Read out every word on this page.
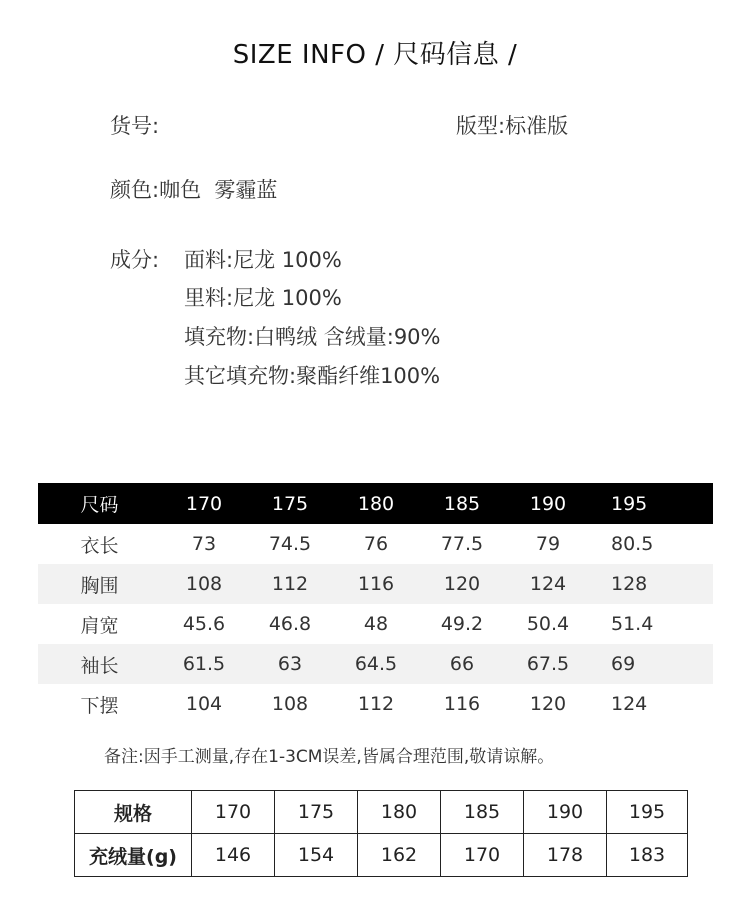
SIZE INFO / 尺码信息 /
货号:	版型:标准版
颜色:咖色  雾霾蓝
成分: 面料:尼龙 100%
里料:尼龙 100%
填充物:白鸭绒 含绒量:90%
其它填充物:聚酯纤维100%
尺码	170	175	180	185	190	195
衣长	73	74.5	76	77.5	79	80.5
胸围	108	112	116	120	124	128
肩宽	45.6	46.8	48	49.2	50.4	51.4
袖长	61.5	63	64.5	66	67.5	69
下摆	104	108	112	116	120	124
备注:因手工测量,存在1-3CM误差,皆属合理范围,敬请谅解。
规格	170	175	180	185	190	195
充绒量(g)	146	154	162	170	178	183
